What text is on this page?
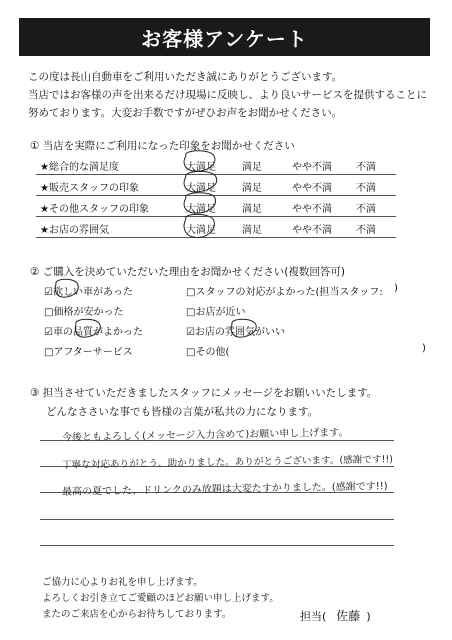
お客様アンケート
この度は長山自動車をご利用いただき誠にありがとうございます。
当店ではお客様の声を出来るだけ現場に反映し、より良いサービスを提供することに
努めております。大変お手数ですがぜひお声をお聞かせください。
① 当店を実際にご利用になった印象をお聞かせください
★総合的な満足度	大満足	満足	やや不満 不満
★販売スタッフの印象	大満足	満足	やや不満 不満
★その他スタッフの印象	大満足	満足	やや不満 不満
★お店の雰囲気	大満足	満足	やや不満 不満
② ご購入を決めていただいた理由をお聞かせください(複数回答可)
☑欲しい車があった	□スタッフの対応がよかった(担当スタッフ: )
□価格が安かった	□お店が近い
☑車の品質がよかった	☑お店の雰囲気がいい
□アフターサービス	□その他(	)
③ 担当させていただきましたスタッフにメッセージをお願いいたします。
どんなささいな事でも皆様の言葉が私共の力になります。
今後ともよろしく(メッセージ入力含めて)お願い申し上げます。
丁寧な対応ありがとう、助かりました。ありがとうございます。(感謝です!!)
最高の夏でした、ドリンクのみ放題は大変たすかりました。(感謝です!!)
ご協力に心よりお礼を申し上げます。
よろしくお引き立てご愛顧のほどお願い申し上げます。
またのご来店を心からお待ちしております。	担当( 佐藤 )
